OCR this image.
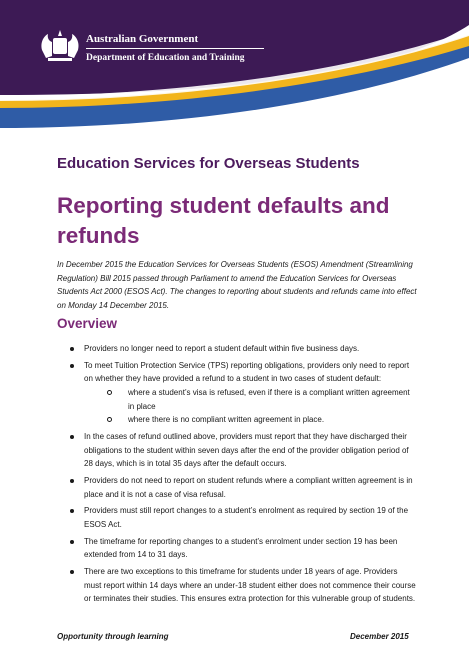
Australian Government
Department of Education and Training
Education Services for Overseas Students
Reporting student defaults and refunds
In December 2015 the Education Services for Overseas Students (ESOS) Amendment (Streamlining Regulation) Bill 2015 passed through Parliament to amend the Education Services for Overseas Students Act 2000 (ESOS Act). The changes to reporting about students and refunds came into effect on Monday 14 December 2015.
Overview
Providers no longer need to report a student default within five business days.
To meet Tuition Protection Service (TPS) reporting obligations, providers only need to report on whether they have provided a refund to a student in two cases of student default:
where a student’s visa is refused, even if there is a compliant written agreement in place
where there is no compliant written agreement in place.
In the cases of refund outlined above, providers must report that they have discharged their obligations to the student within seven days after the end of the provider obligation period of 28 days, which is in total 35 days after the default occurs.
Providers do not need to report on student refunds where a compliant written agreement is in place and it is not a case of visa refusal.
Providers must still report changes to a student’s enrolment as required by section 19 of the ESOS Act.
The timeframe for reporting changes to a student’s enrolment under section 19 has been extended from 14 to 31 days.
There are two exceptions to this timeframe for students under 18 years of age. Providers must report within 14 days where an under-18 student either does not commence their course or terminates their studies. This ensures extra protection for this vulnerable group of students.
Opportunity through learning	December 2015
